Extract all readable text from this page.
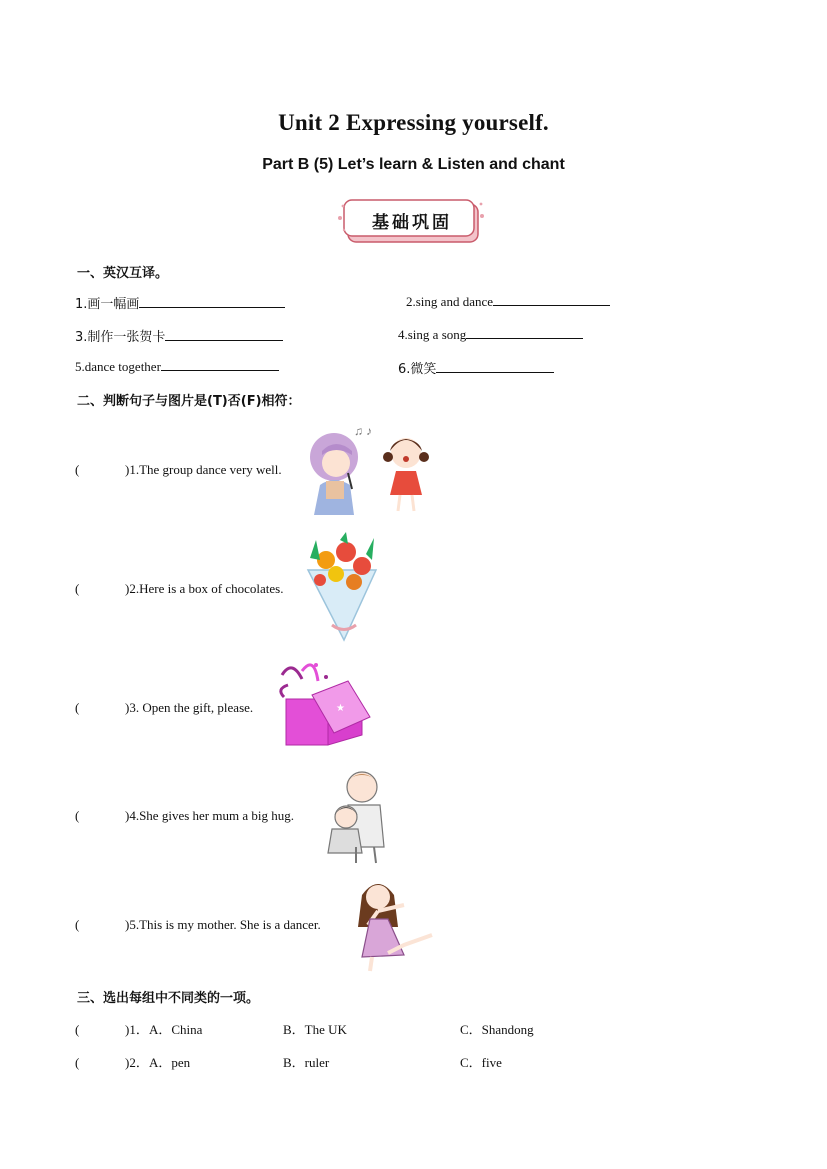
Unit 2 Expressing yourself.
Part B (5) Let’s learn & Listen and chant
基础巩固
一、英汉互译。
1.画一幅画	2.sing and dance
3.制作一张贺卡	4.sing a song
5.dance together	6.微笑
二、判断句子与图片是(T)否(F)相符：
(	)1.The group dance very well.
♫ ♪
(	)2.Here is a box of chocolates.
(	)3. Open the gift, please.	★
(	)4.She gives her mum a big hug.
(	)5.This is my mother. She is a dancer.
三、选出每组中不同类的一项。
(	)1． A．China	B．The UK	C．Shandong
(	)2． A．pen	B．ruler	C．five
